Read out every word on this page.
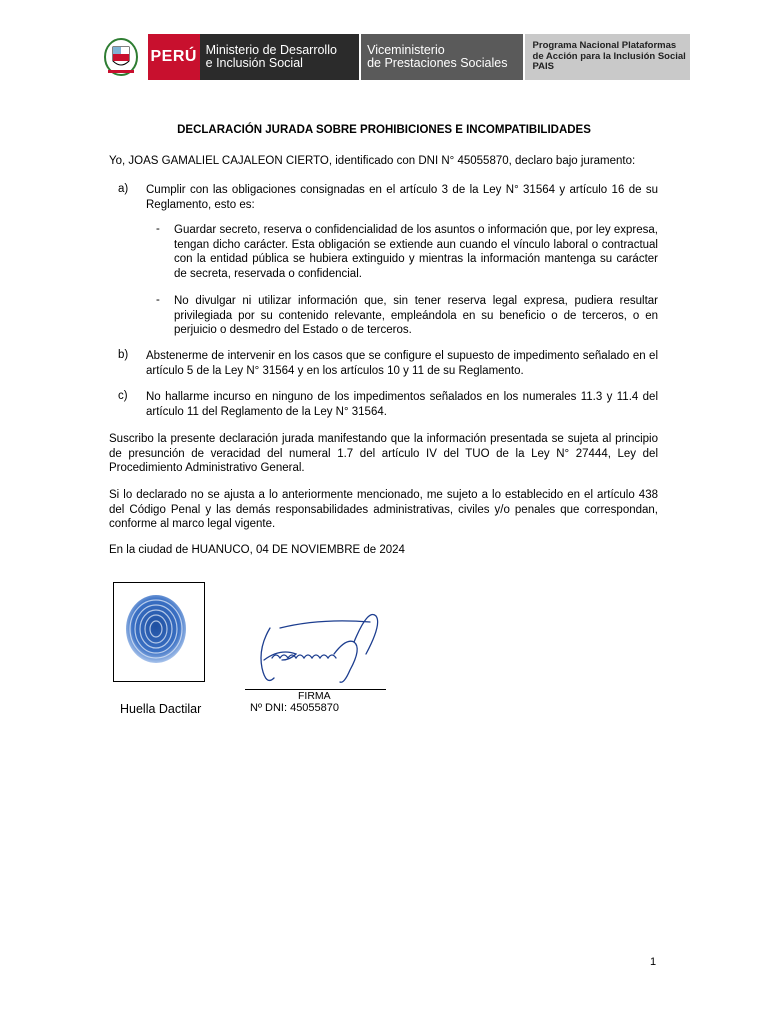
PERÚ Ministerio de Desarrollo
e Inclusión Social
Viceministerio
de Prestaciones Sociales
Programa Nacional Plataformas
de Acción para la Inclusión Social
PAIS
DECLARACIÓN JURADA SOBRE PROHIBICIONES E INCOMPATIBILIDADES
Yo, JOAS GAMALIEL CAJALEON CIERTO, identificado con DNI N° 45055870, declaro bajo juramento:
a) Cumplir con las obligaciones consignadas en el artículo 3 de la Ley N° 31564 y artículo 16 de su Reglamento, esto es:
- Guardar secreto, reserva o confidencialidad de los asuntos o información que, por ley expresa, tengan dicho carácter. Esta obligación se extiende aun cuando el vínculo laboral o contractual con la entidad pública se hubiera extinguido y mientras la información mantenga su carácter de secreta, reservada o confidencial.
- No divulgar ni utilizar información que, sin tener reserva legal expresa, pudiera resultar privilegiada por su contenido relevante, empleándola en su beneficio o de terceros, o en perjuicio o desmedro del Estado o de terceros.
b) Abstenerme de intervenir en los casos que se configure el supuesto de impedimento señalado en el artículo 5 de la Ley N° 31564 y en los artículos 10 y 11 de su Reglamento.
c) No hallarme incurso en ninguno de los impedimentos señalados en los numerales 11.3 y 11.4 del artículo 11 del Reglamento de la Ley N° 31564.
Suscribo la presente declaración jurada manifestando que la información presentada se sujeta al principio de presunción de veracidad del numeral 1.7 del artículo IV del TUO de la Ley N° 27444, Ley del Procedimiento Administrativo General.
Si lo declarado no se ajusta a lo anteriormente mencionado, me sujeto a lo establecido en el artículo 438 del Código Penal y las demás responsabilidades administrativas, civiles y/o penales que correspondan, conforme al marco legal vigente.
En la ciudad de HUANUCO, 04 DE NOVIEMBRE de 2024
Huella Dactilar
FIRMA
Nº DNI: 45055870
1
